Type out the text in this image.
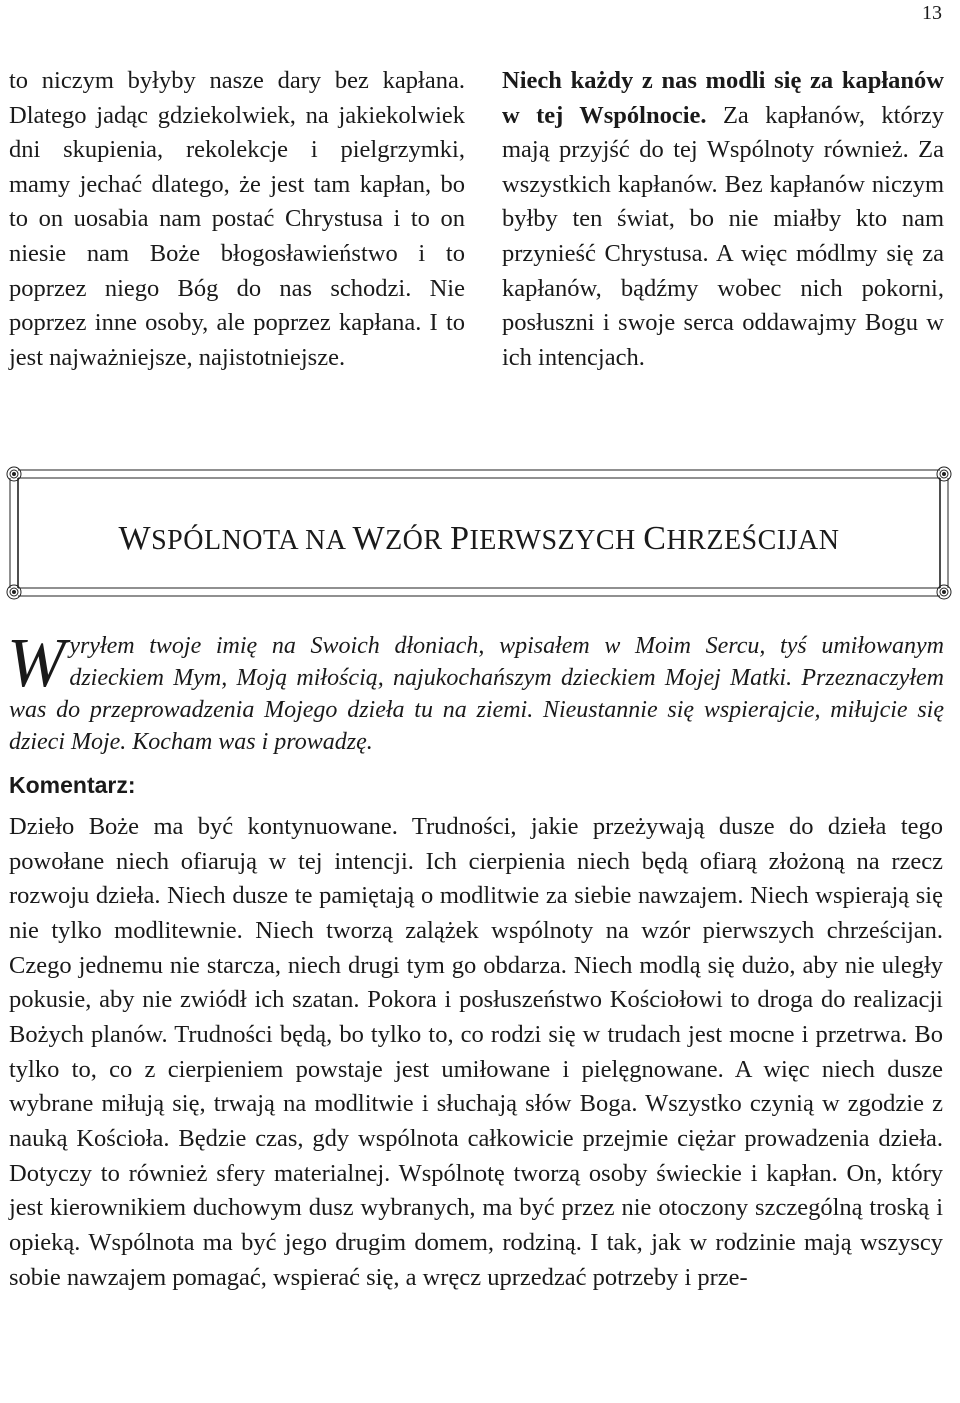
13

to niczym byłyby nasze dary bez kapłana. Dlatego jadąc gdziekolwiek, na jakiekolwiek dni skupienia, rekolekcje i pielgrzymki, mamy jechać dlatego, że jest tam kapłan, bo to on uosabia nam postać Chrystusa i to on niesie nam Boże błogosławieństwo i to poprzez niego Bóg do nas schodzi. Nie poprzez inne osoby, ale poprzez kapłana. I to jest najważniejsze, najistotniejsze.

Niech każdy z nas modli się za kapłanów w tej Wspólnocie. Za kapłanów, którzy mają przyjść do tej Wspólnoty również. Za wszystkich kapłanów. Bez kapłanów niczym byłby ten świat, bo nie miałby kto nam przynieść Chrystusa. A więc módlmy się za kapłanów, bądźmy wobec nich pokorni, posłuszni i swoje serca oddawajmy Bogu w ich intencjach.

WSPÓLNOTA NA WZÓR PIERWSZYCH CHRZEŚCIJAN
Wyryłem twoje imię na Swoich dłoniach, wpisałem w Moim Sercu, tyś umiłowanym dzieckiem Mym, Moją miłością, najukochańszym dzieckiem Mojej Matki. Przeznaczyłem was do przeprowadzenia Mojego dzieła tu na ziemi. Nieustannie się wspierajcie, miłujcie się dzieci Moje. Kocham was i prowadzę.
Komentarz:

Dzieło Boże ma być kontynuowane. Trudności, jakie przeżywają dusze do dzieła tego powołane niech ofiarują w tej intencji. Ich cierpienia niech będą ofiarą złożoną na rzecz rozwoju dzieła. Niech dusze te pamiętają o modlitwie za siebie nawzajem. Niech wspierają się nie tylko modlitewnie. Niech tworzą zalążek wspólnoty na wzór pierwszych chrześcijan. Czego jednemu nie starcza, niech drugi tym go obdarza. Niech modlą się dużo, aby nie uległy pokusie, aby nie zwiódł ich szatan. Pokora i posłuszeństwo Kościołowi to droga do realizacji Bożych planów. Trudności będą, bo tylko to, co rodzi się w trudach jest mocne i przetrwa. Bo tylko to, co z cierpieniem powstaje jest umiłowane i pielęgnowane. A więc niech dusze wybrane miłują się, trwają na modlitwie i słuchają słów Boga. Wszystko czynią w zgodzie z nauką Kościoła. Będzie czas, gdy wspólnota całkowicie przejmie ciężar prowadzenia dzieła. Dotyczy to również sfery materialnej. Wspólnotę tworzą osoby świeckie i kapłan. On, który jest kierownikiem duchowym dusz wybranych, ma być przez nie otoczony szczególną troską i opieką. Wspólnota ma być jego drugim domem, rodziną. I tak, jak w rodzinie mają wszyscy sobie nawzajem pomagać, wspierać się, a wręcz uprzedzać potrzeby i prze-
